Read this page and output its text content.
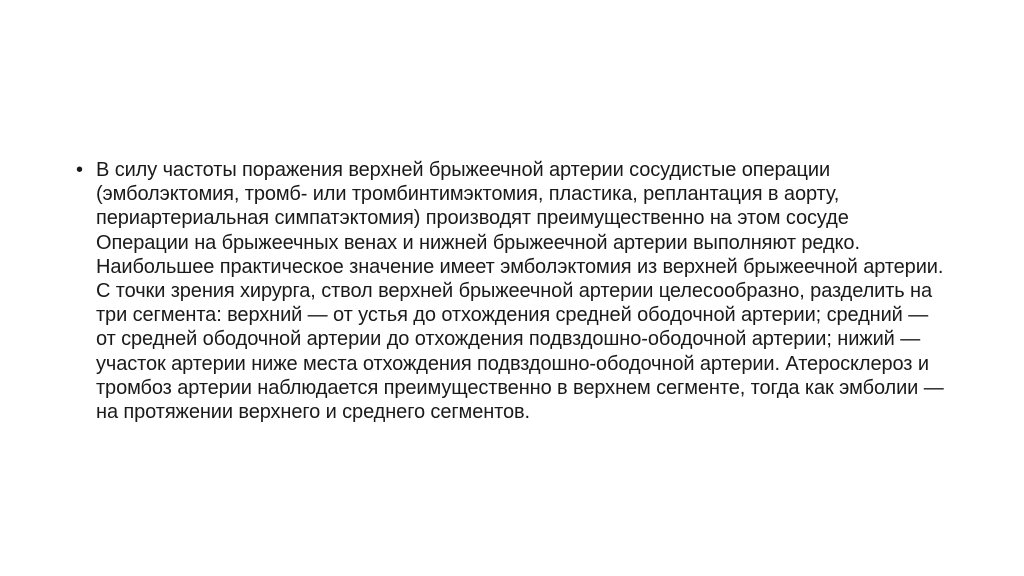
• В силу частоты поражения верхней брыжеечной артерии сосудистые операции (эмболэктомия, тромб- или тромбинтимэктомия, пластика, реплантация в аорту, периартериальная симпатэктомия) производят преимущественно на этом сосуде Операции на брыжеечных венах и нижней брыжеечной артерии выполняют редко. Наибольшее практическое значение имеет эмболэктомия из верхней брыжеечной артерии. С точки зрения хирурга, ствол верхней брыжеечной артерии целесообразно, разделить на три сегмента: верхний — от устья до отхождения средней ободочной артерии; средний — от средней ободочной артерии до отхождения подвздошно-ободочной артерии; нижий — участок артерии ниже места отхождения подвздошно-ободочной артерии. Атеросклероз и тромбоз артерии наблюдается преимущественно в верхнем сегменте, тогда как эмболии — на протяжении верхнего и среднего сегментов.
